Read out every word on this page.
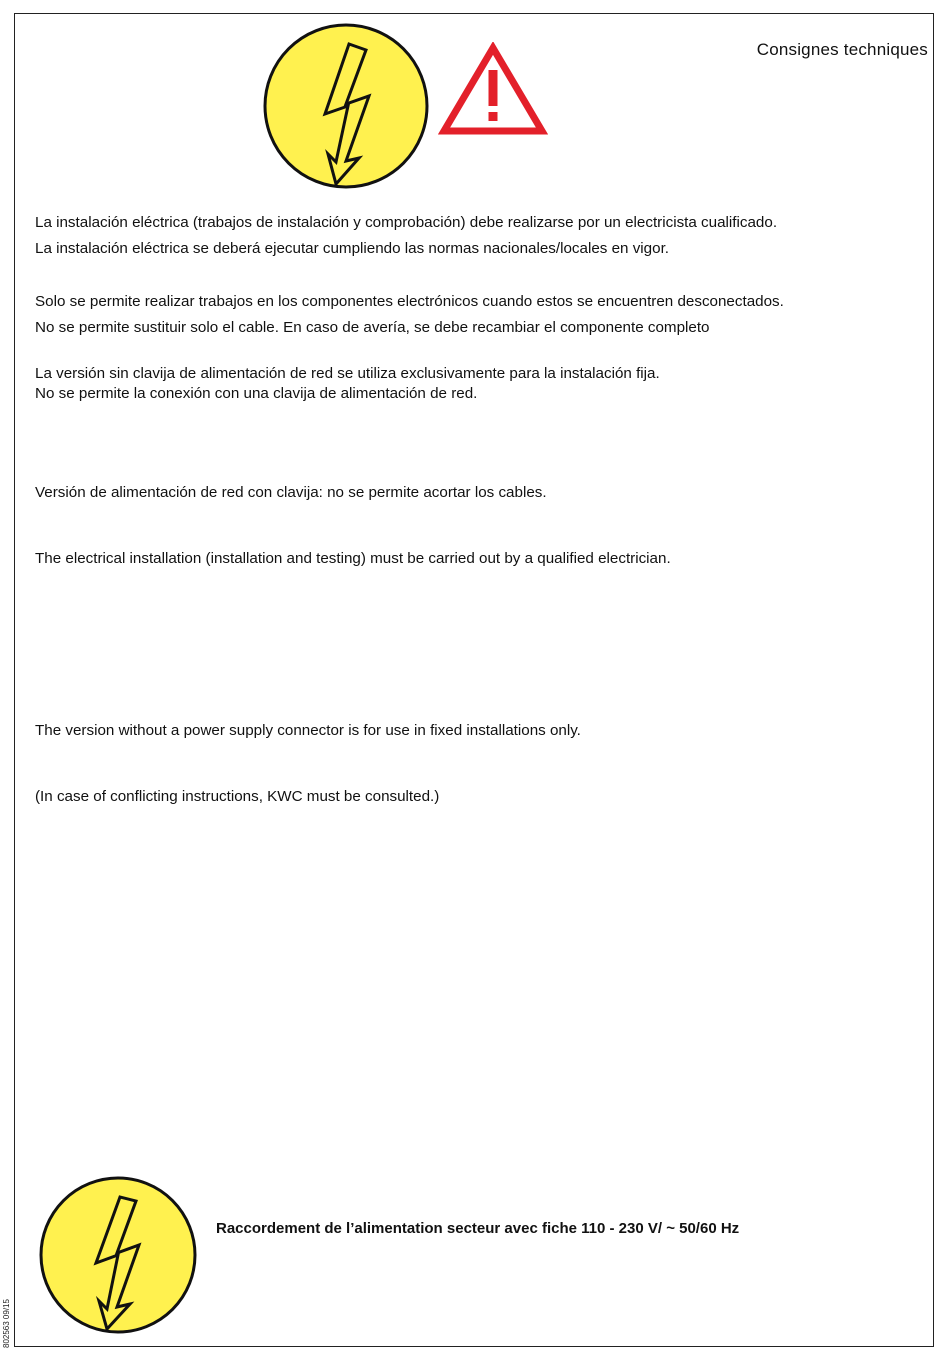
Consignes techniques
La instalación eléctrica (trabajos de instalación y comprobación) debe realizarse por un electricista cualificado.
La instalación eléctrica se deberá ejecutar cumpliendo las normas nacionales/locales en vigor.
Solo se permite realizar trabajos en los componentes electrónicos cuando estos se encuentren desconectados.
No se permite sustituir solo el cable. En caso de avería, se debe recambiar el componente completo
La versión sin clavija de alimentación de red se utiliza exclusivamente para la instalación fija.
No se permite la conexión con una clavija de alimentación de red.
Versión de alimentación de red con clavija: no se permite acortar los cables.
The electrical installation (installation and testing) must be carried out by a qualified electrician.
The version without a power supply connector is for use in fixed installations only.
(In case of conflicting instructions, KWC must be consulted.)
Raccordement de l’alimentation secteur avec fiche 110 - 230 V/ ~ 50/60 Hz
802563 09/15
